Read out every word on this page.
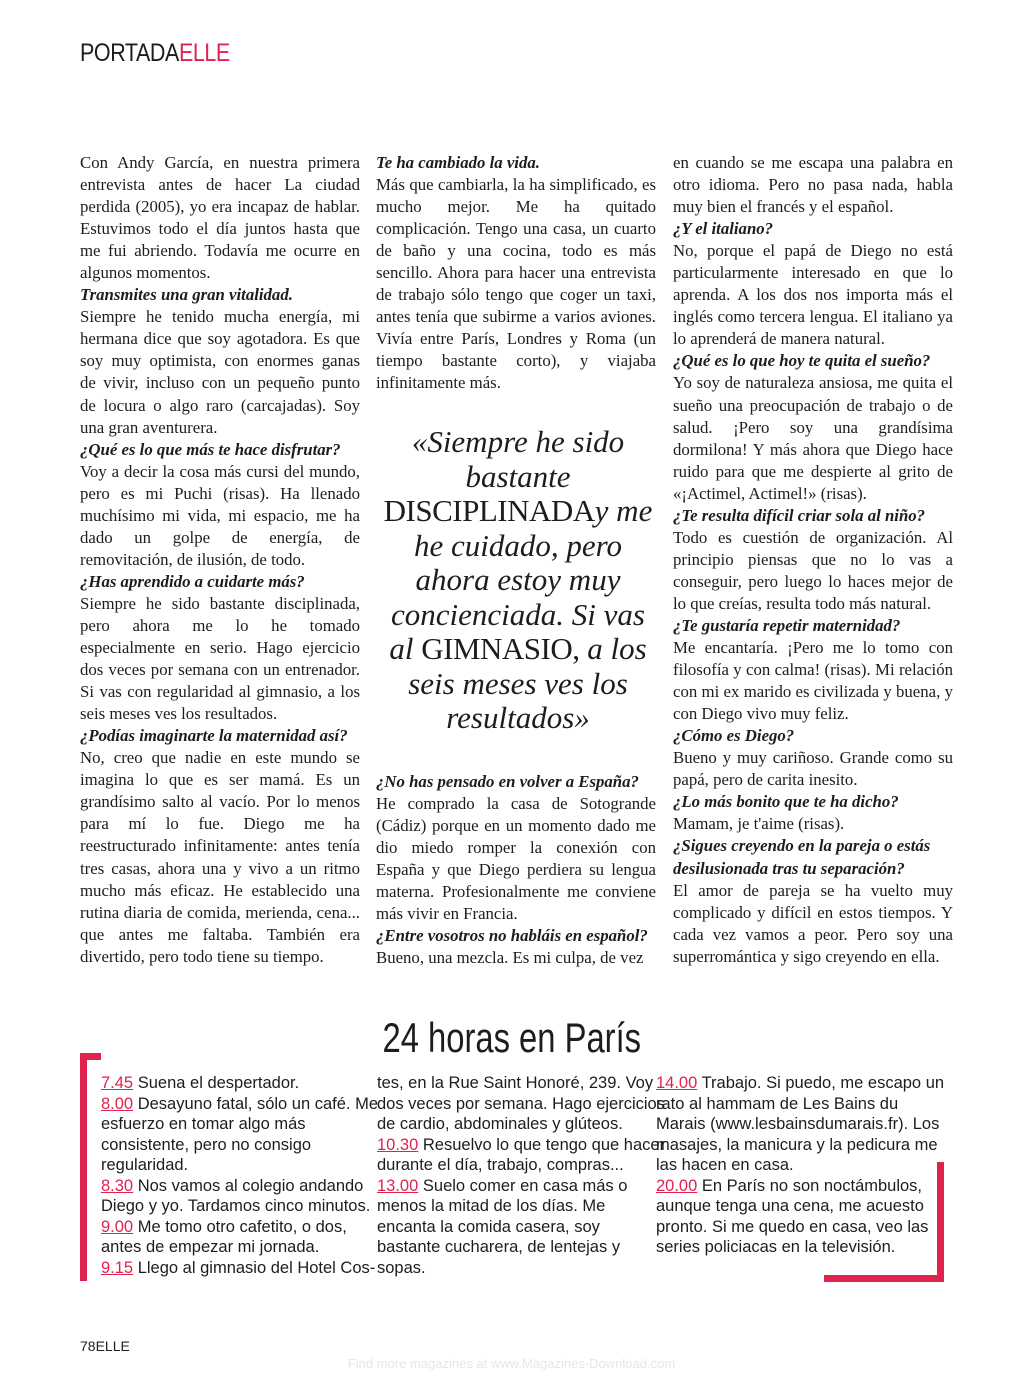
PORTADAELLE

Con Andy García, en nuestra primera entrevista antes de hacer La ciudad perdida (2005), yo era incapaz de hablar. Estuvimos todo el día juntos hasta que me fui abriendo. Todavía me ocurre en algunos momentos.

Transmites una gran vitalidad.

Siempre he tenido mucha energía, mi hermana dice que soy agotadora. Es que soy muy optimista, con enormes ganas de vivir, incluso con un pequeño punto de locura o algo raro (carcajadas). Soy una gran aventurera.

¿Qué es lo que más te hace disfrutar?

Voy a decir la cosa más cursi del mundo, pero es mi Puchi (risas). Ha llenado muchísimo mi vida, mi espacio, me ha dado un golpe de energía, de removitación, de ilusión, de todo.

¿Has aprendido a cuidarte más?

Siempre he sido bastante disciplinada, pero ahora me lo he tomado especialmente en serio. Hago ejercicio dos veces por semana con un entrenador. Si vas con regularidad al gimnasio, a los seis meses ves los resultados.

¿Podías imaginarte la maternidad así?

No, creo que nadie en este mundo se imagina lo que es ser mamá. Es un grandísimo salto al vacío. Por lo menos para mí lo fue. Diego me ha reestructurado infinitamente: antes tenía tres casas, ahora una y vivo a un ritmo mucho más eficaz. He establecido una rutina diaria de comida, merienda, cena... que antes me faltaba. También era divertido, pero todo tiene su tiempo.

Te ha cambiado la vida.

Más que cambiarla, la ha simplificado, es mucho mejor. Me ha quitado complicación. Tengo una casa, un cuarto de baño y una cocina, todo es más sencillo. Ahora para hacer una entrevista de trabajo sólo tengo que coger un taxi, antes tenía que subirme a varios aviones. Vivía entre París, Londres y Roma (un tiempo bastante corto), y viajaba infinitamente más.

«Siempre he sido bastante DISCIPLINADAy me he cuidado, pero ahora estoy muy concienciada. Si vas al GIMNASIO, a los seis meses ves los resultados»

¿No has pensado en volver a España?

He comprado la casa de Sotogrande (Cádiz) porque en un momento dado me dio miedo romper la conexión con España y que Diego perdiera su lengua materna. Profesionalmente me conviene más vivir en Francia.

¿Entre vosotros no habláis en español?

Bueno, una mezcla. Es mi culpa, de vez

en cuando se me escapa una palabra en otro idioma. Pero no pasa nada, habla muy bien el francés y el español.

¿Y el italiano?

No, porque el papá de Diego no está particularmente interesado en que lo aprenda. A los dos nos importa más el inglés como tercera lengua. El italiano ya lo aprenderá de manera natural.

¿Qué es lo que hoy te quita el sueño?

Yo soy de naturaleza ansiosa, me quita el sueño una preocupación de trabajo o de salud. ¡Pero soy una grandísima dormilona! Y más ahora que Diego hace ruido para que me despierte al grito de «¡Actimel, Actimel!» (risas).

¿Te resulta difícil criar sola al niño?

Todo es cuestión de organización. Al principio piensas que no lo vas a conseguir, pero luego lo haces mejor de lo que creías, resulta todo más natural.

¿Te gustaría repetir maternidad?

Me encantaría. ¡Pero me lo tomo con filosofía y con calma! (risas). Mi relación con mi ex marido es civilizada y buena, y con Diego vivo muy feliz.

¿Cómo es Diego?

Bueno y muy cariñoso. Grande como su papá, pero de carita inesito.

¿Lo más bonito que te ha dicho?

Mamam, je t'aime (risas).

¿Sigues creyendo en la pareja o estás desilusionada tras tu separación?

El amor de pareja se ha vuelto muy complicado y difícil en estos tiempos. Y cada vez vamos a peor. Pero soy una superromántica y sigo creyendo en ella.

24 horas en París

7.45 Suena el despertador.

8.00 Desayuno fatal, sólo un café. Me esfuerzo en tomar algo más consistente, pero no consigo regularidad.

8.30 Nos vamos al colegio andando Diego y yo. Tardamos cinco minutos.

9.00 Me tomo otro cafetito, o dos, antes de empezar mi jornada.

9.15 Llego al gimnasio del Hotel Cos-

tes, en la Rue Saint Honoré, 239. Voy dos veces por semana. Hago ejercicios de cardio, abdominales y glúteos.

10.30 Resuelvo lo que tengo que hacer durante el día, trabajo, compras...

13.00 Suelo comer en casa más o menos la mitad de los días. Me encanta la comida casera, soy bastante cucharera, de lentejas y sopas.

14.00 Trabajo. Si puedo, me escapo un rato al hammam de Les Bains du Marais (www.lesbainsdumarais.fr). Los masajes, la manicura y la pedicura me las hacen en casa.

20.00 En París no son noctámbulos, aunque tenga una cena, me acuesto pronto. Si me quedo en casa, veo las series policiacas en la televisión.

78ELLE
Find more magazines at www.Magazines-Download.com
